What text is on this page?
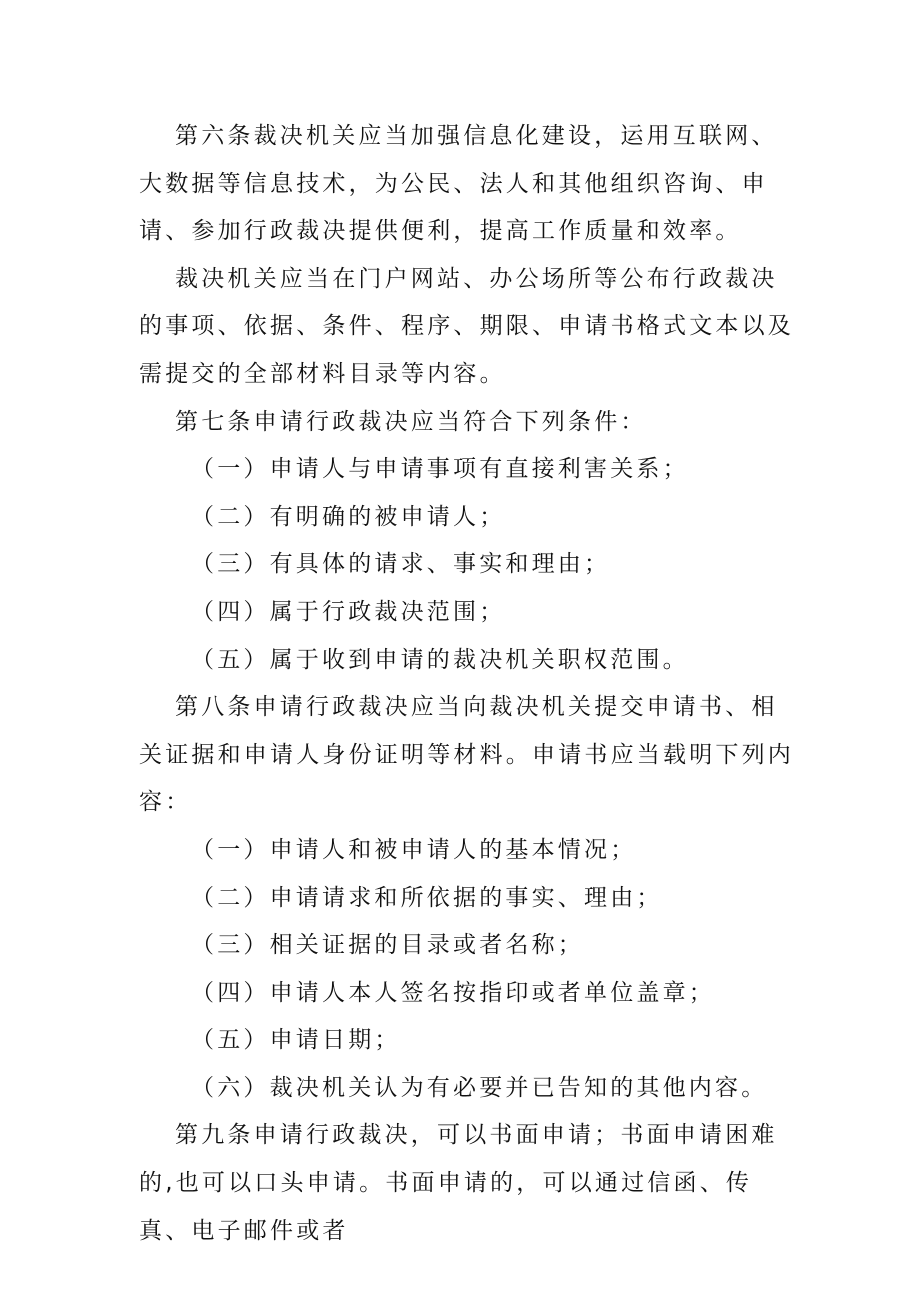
第六条裁决机关应当加强信息化建设，运用互联网、大数据等信息技术，为公民、法人和其他组织咨询、申请、参加行政裁决提供便利，提高工作质量和效率。

裁决机关应当在门户网站、办公场所等公布行政裁决的事项、依据、条件、程序、期限、申请书格式文本以及需提交的全部材料目录等内容。

第七条申请行政裁决应当符合下列条件：

（一）申请人与申请事项有直接利害关系；

（二）有明确的被申请人；

（三）有具体的请求、事实和理由；

（四）属于行政裁决范围；

（五）属于收到申请的裁决机关职权范围。

第八条申请行政裁决应当向裁决机关提交申请书、相关证据和申请人身份证明等材料。申请书应当载明下列内容：

（一）申请人和被申请人的基本情况；

（二）申请请求和所依据的事实、理由；

（三）相关证据的目录或者名称；

（四）申请人本人签名按指印或者单位盖章；

（五）申请日期；

（六）裁决机关认为有必要并已告知的其他内容。

第九条申请行政裁决，可以书面申请；书面申请困难的,也可以口头申请。书面申请的，可以通过信函、传真、电子邮件或者
